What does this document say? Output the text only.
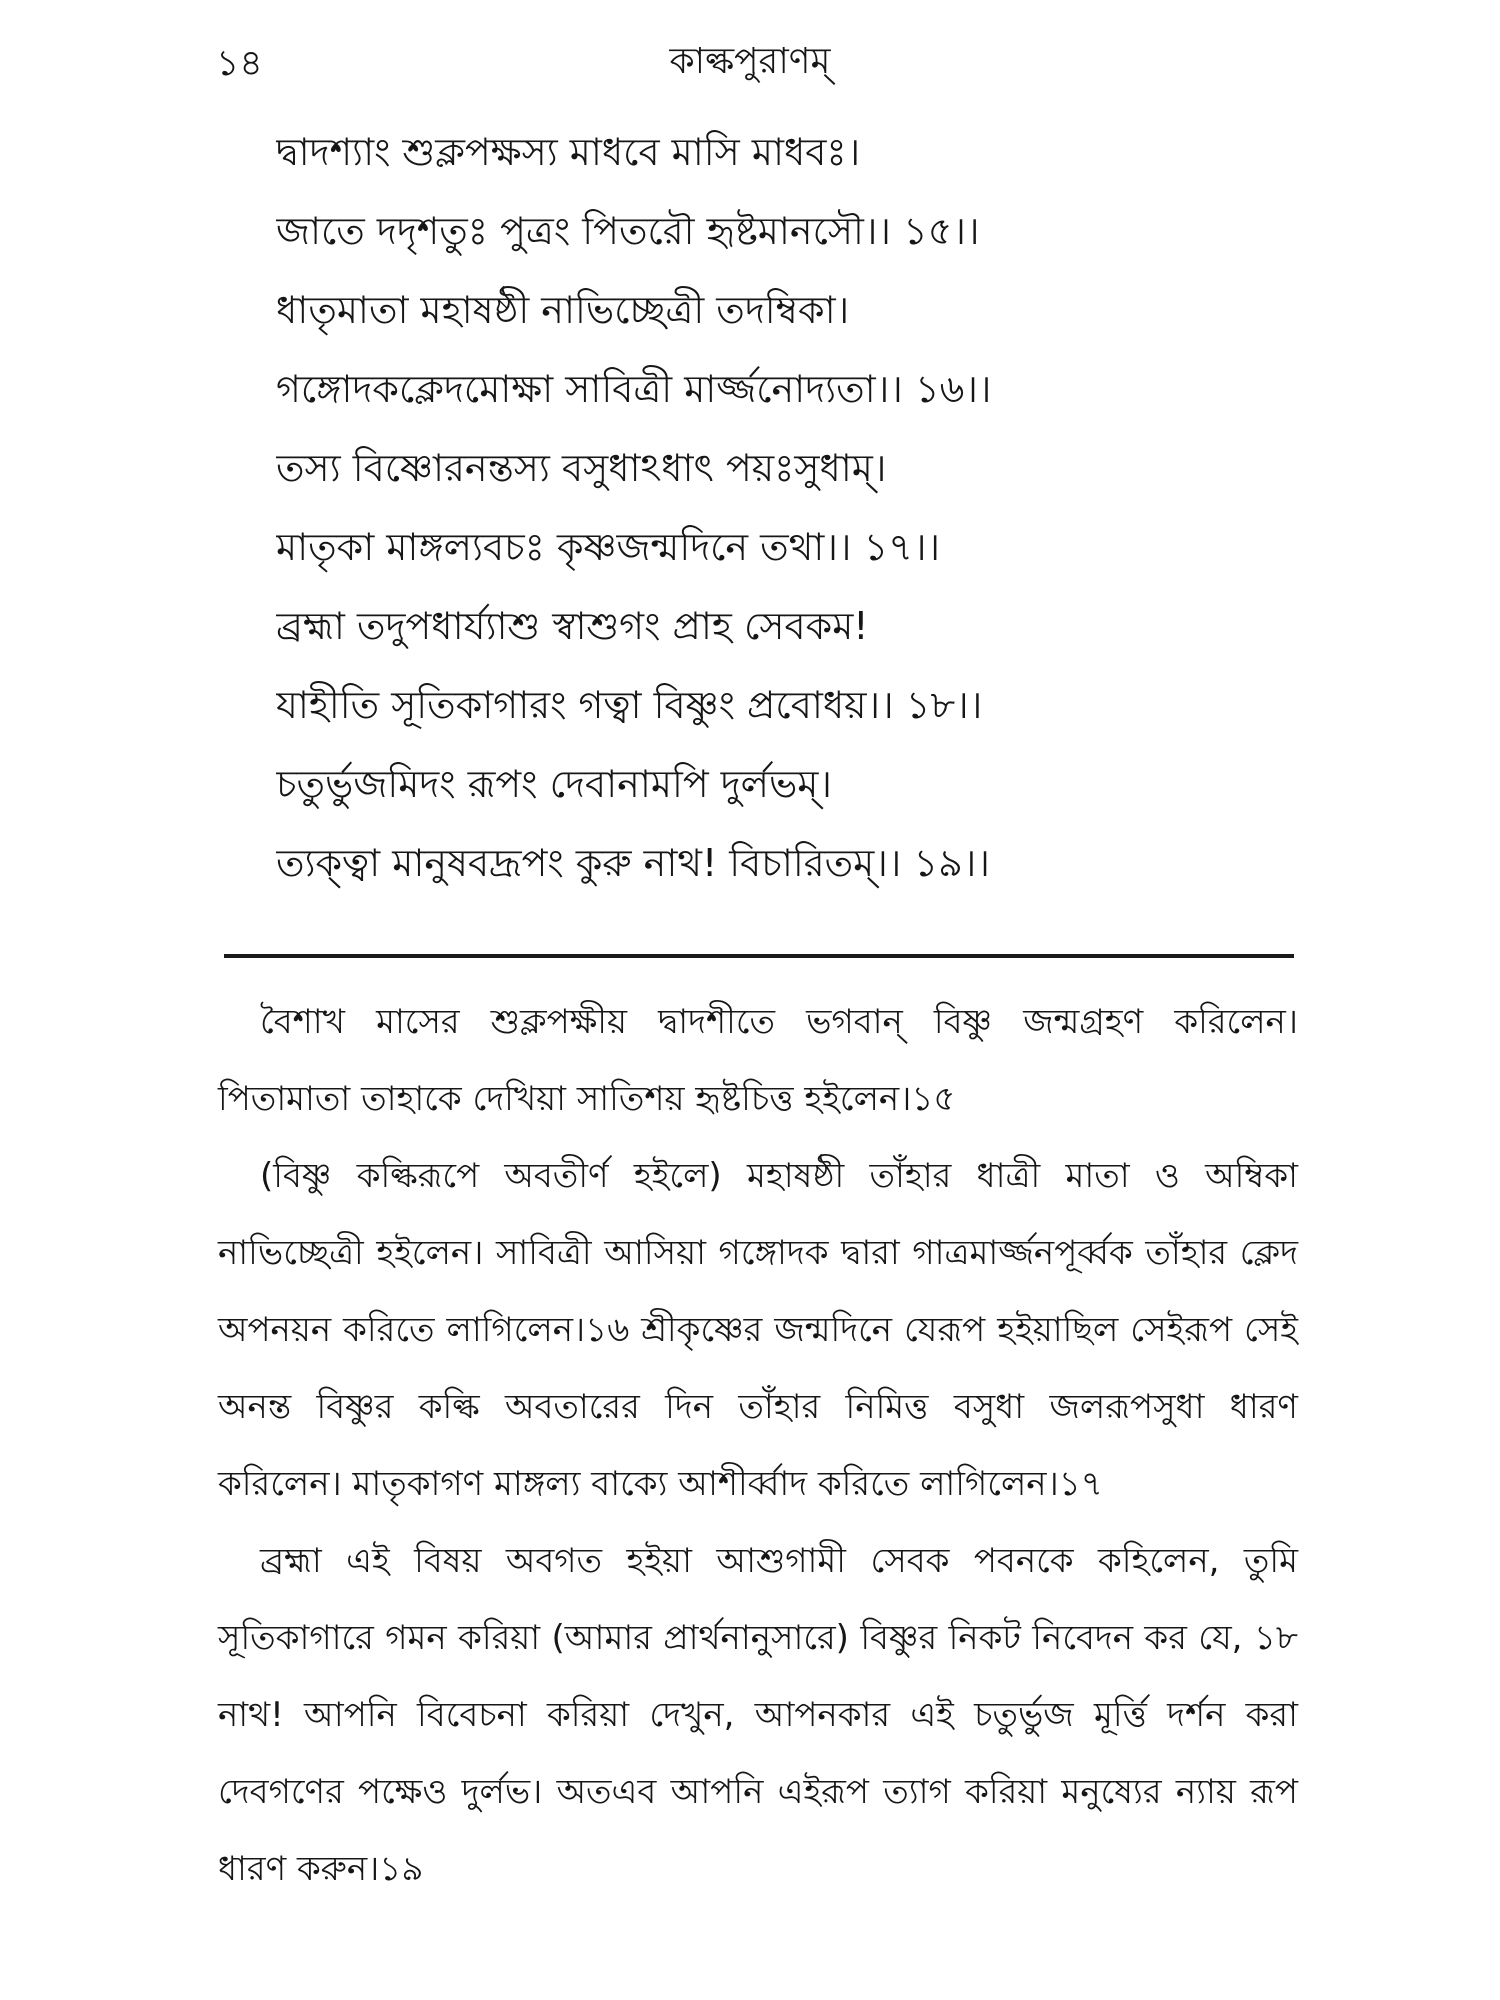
১৪	কাল্কপুরাণম্
দ্বাদশ্যাং শুক্লপক্ষস্য মাধবে মাসি মাধবঃ।
জাতে দদৃশতুঃ পুত্রং পিতরৌ হৃষ্টমানসৌ।। ১৫।।
ধাতৃমাতা মহাষষ্ঠী নাভিচ্ছেত্রী তদম্বিকা।
গঙ্গোদকক্লেদমোক্ষা সাবিত্রী মার্জ্জনোদ্যতা।। ১৬।।
তস্য বিষ্ণোরনন্তস্য বসুধাঽধাৎ পয়ঃসুধাম্।
মাতৃকা মাঙ্গল্যবচঃ কৃষ্ণজন্মদিনে তথা।। ১৭।।
ব্রহ্মা তদুপধার্য্যাশু স্বাশুগং প্রাহ সেবকম!
যাহীতি সূতিকাগারং গত্বা বিষ্ণুং প্রবোধয়।। ১৮।।
চতুর্ভুজমিদং রূপং দেবানামপি দুর্লভম্।
ত্যক্ত্বা মানুষবদ্রূপং কুরু নাথ! বিচারিতম্।। ১৯।।

বৈশাখ মাসের শুক্লপক্ষীয় দ্বাদশীতে ভগবান্ বিষ্ণু জন্মগ্রহণ করিলেন। পিতামাতা তাহাকে দেখিয়া সাতিশয় হৃষ্টচিত্ত হইলেন।১৫

(বিষ্ণু কল্কিরূপে অবতীর্ণ হইলে) মহাষষ্ঠী তাঁহার ধাত্রী মাতা ও অম্বিকা নাভিচ্ছেত্রী হইলেন। সাবিত্রী আসিয়া গঙ্গোদক দ্বারা গাত্রমার্জ্জনপূর্ব্বক তাঁহার ক্লেদ অপনয়ন করিতে লাগিলেন।১৬ শ্রীকৃষ্ণের জন্মদিনে যেরূপ হইয়াছিল সেইরূপ সেই অনন্ত বিষ্ণুর কল্কি অবতারের দিন তাঁহার নিমিত্ত বসুধা জলরূপসুধা ধারণ করিলেন। মাতৃকাগণ মাঙ্গল্য বাক্যে আশীর্ব্বাদ করিতে লাগিলেন।১৭

ব্রহ্মা এই বিষয় অবগত হইয়া আশুগামী সেবক পবনকে কহিলেন, তুমি সূতিকাগারে গমন করিয়া (আমার প্রার্থনানুসারে) বিষ্ণুর নিকট নিবেদন কর যে, ১৮ নাথ! আপনি বিবেচনা করিয়া দেখুন, আপনকার এই চতুর্ভুজ মূর্ত্তি দর্শন করা দেবগণের পক্ষেও দুর্লভ। অতএব আপনি এইরূপ ত্যাগ করিয়া মনুষ্যের ন্যায় রূপ ধারণ করুন।১৯
